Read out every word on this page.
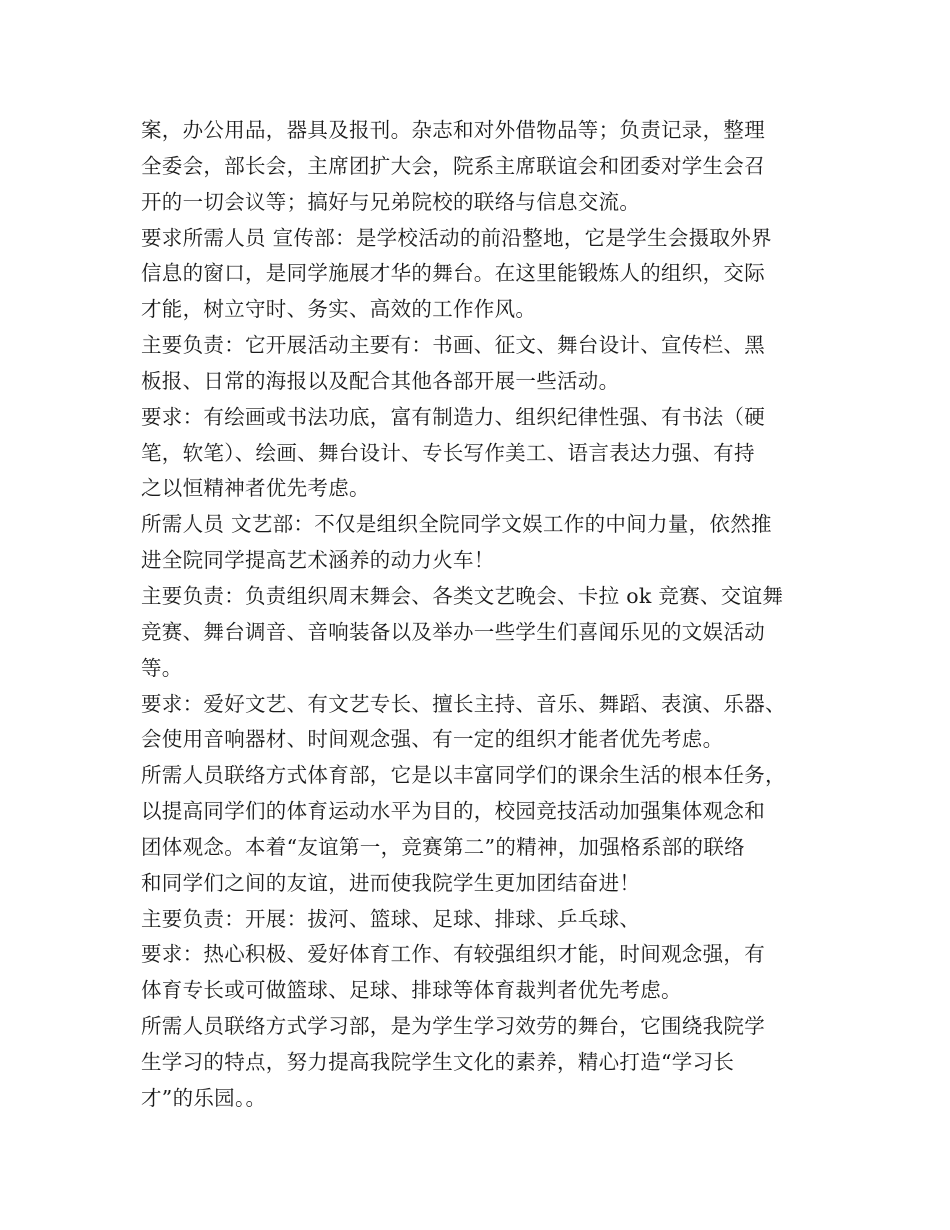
案，办公用品，器具及报刊。杂志和对外借物品等；负责记录，整理
全委会，部长会，主席团扩大会，院系主席联谊会和团委对学生会召
开的一切会议等；搞好与兄弟院校的联络与信息交流。
要求所需人员 宣传部：是学校活动的前沿整地，它是学生会摄取外界
信息的窗口，是同学施展才华的舞台。在这里能锻炼人的组织，交际
才能，树立守时、务实、高效的工作作风。
主要负责：它开展活动主要有：书画、征文、舞台设计、宣传栏、黑
板报、日常的海报以及配合其他各部开展一些活动。
要求：有绘画或书法功底，富有制造力、组织纪律性强、有书法（硬
笔，软笔）、绘画、舞台设计、专长写作美工、语言表达力强、有持
之以恒精神者优先考虑。
所需人员 文艺部：不仅是组织全院同学文娱工作的中间力量，依然推
进全院同学提高艺术涵养的动力火车！
主要负责：负责组织周末舞会、各类文艺晚会、卡拉 ok 竞赛、交谊舞
竞赛、舞台调音、音响装备以及举办一些学生们喜闻乐见的文娱活动
等。
要求：爱好文艺、有文艺专长、擅长主持、音乐、舞蹈、表演、乐器、
会使用音响器材、时间观念强、有一定的组织才能者优先考虑。
所需人员联络方式体育部，它是以丰富同学们的课余生活的根本任务，
以提高同学们的体育运动水平为目的，校园竞技活动加强集体观念和
团体观念。本着“友谊第一，竞赛第二”的精神，加强格系部的联络
和同学们之间的友谊，进而使我院学生更加团结奋进！
主要负责：开展：拔河、篮球、足球、排球、乒乓球、
要求：热心积极、爱好体育工作、有较强组织才能，时间观念强，有
体育专长或可做篮球、足球、排球等体育裁判者优先考虑。
所需人员联络方式学习部，是为学生学习效劳的舞台，它围绕我院学
生学习的特点，努力提高我院学生文化的素养，精心打造“学习长
才”的乐园。。
